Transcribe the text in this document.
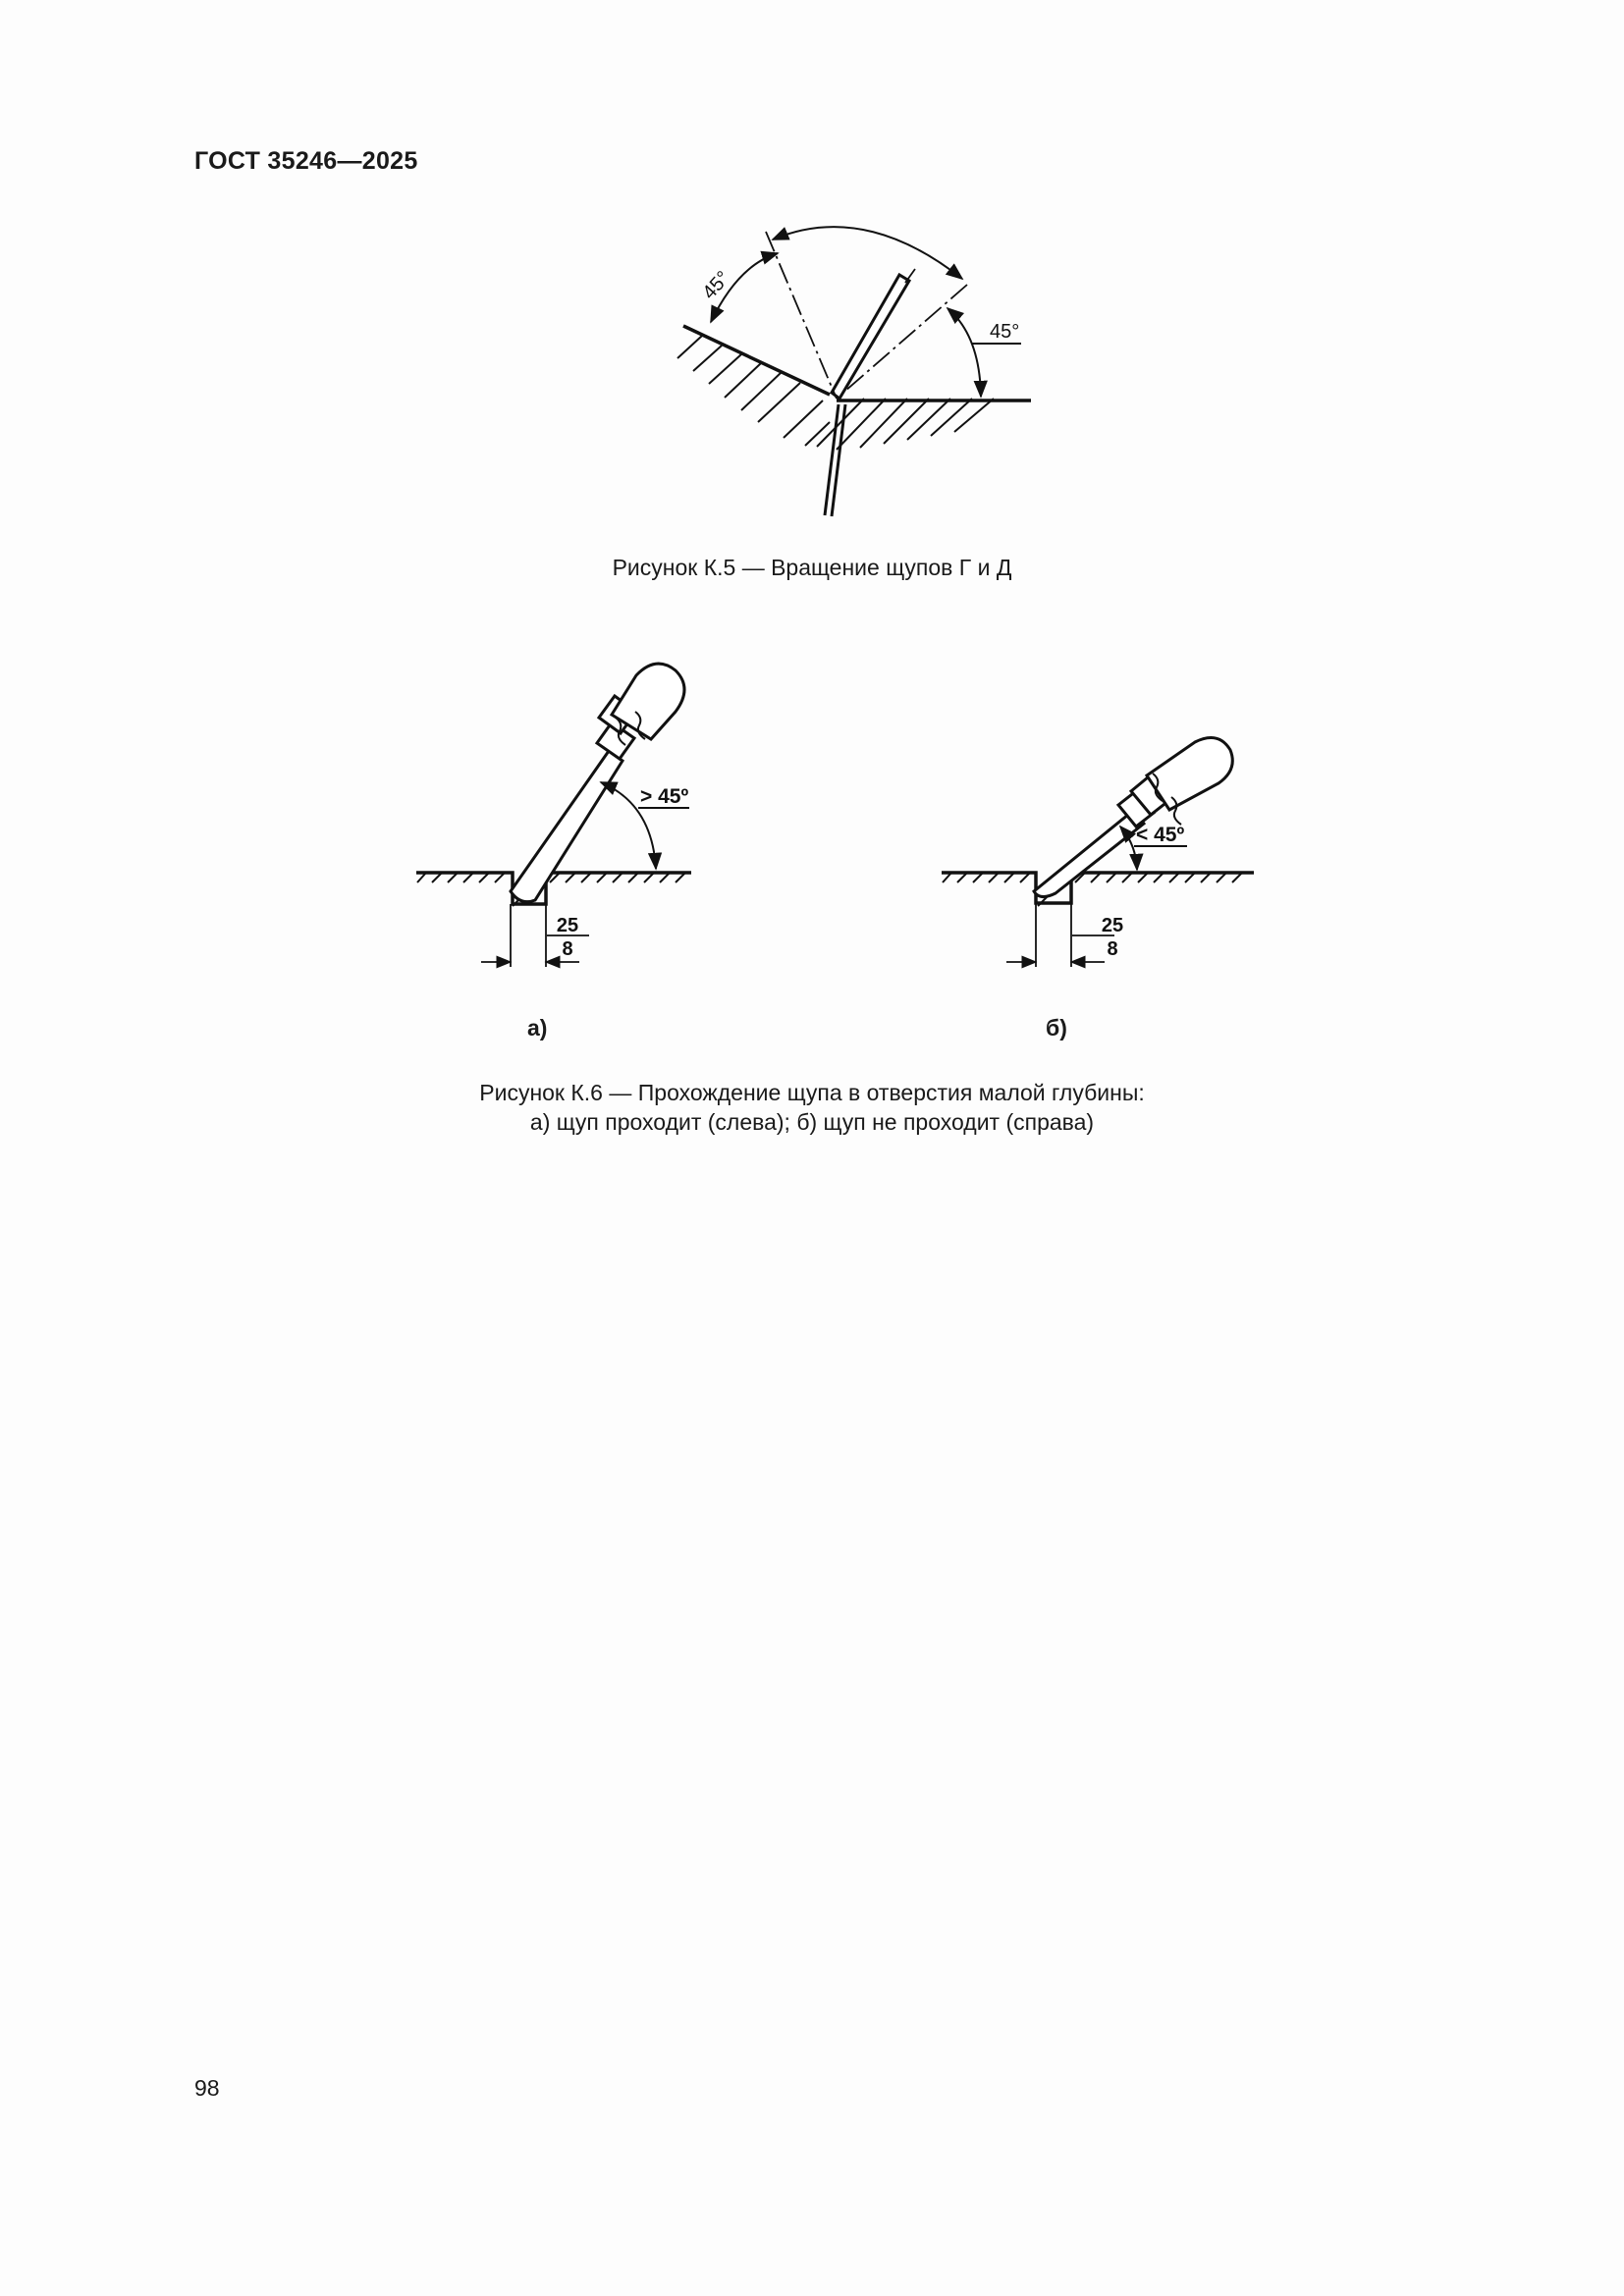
ГОСТ 35246—2025
45°
45°
Рисунок К.5 — Вращение щупов Г и Д
> 45º
25
8
а)
< 45º
25
8
б)
Рисунок К.6 — Прохождение щупа в отверстия малой глубины:
а) щуп проходит (слева); б) щуп не проходит (справа)
98
